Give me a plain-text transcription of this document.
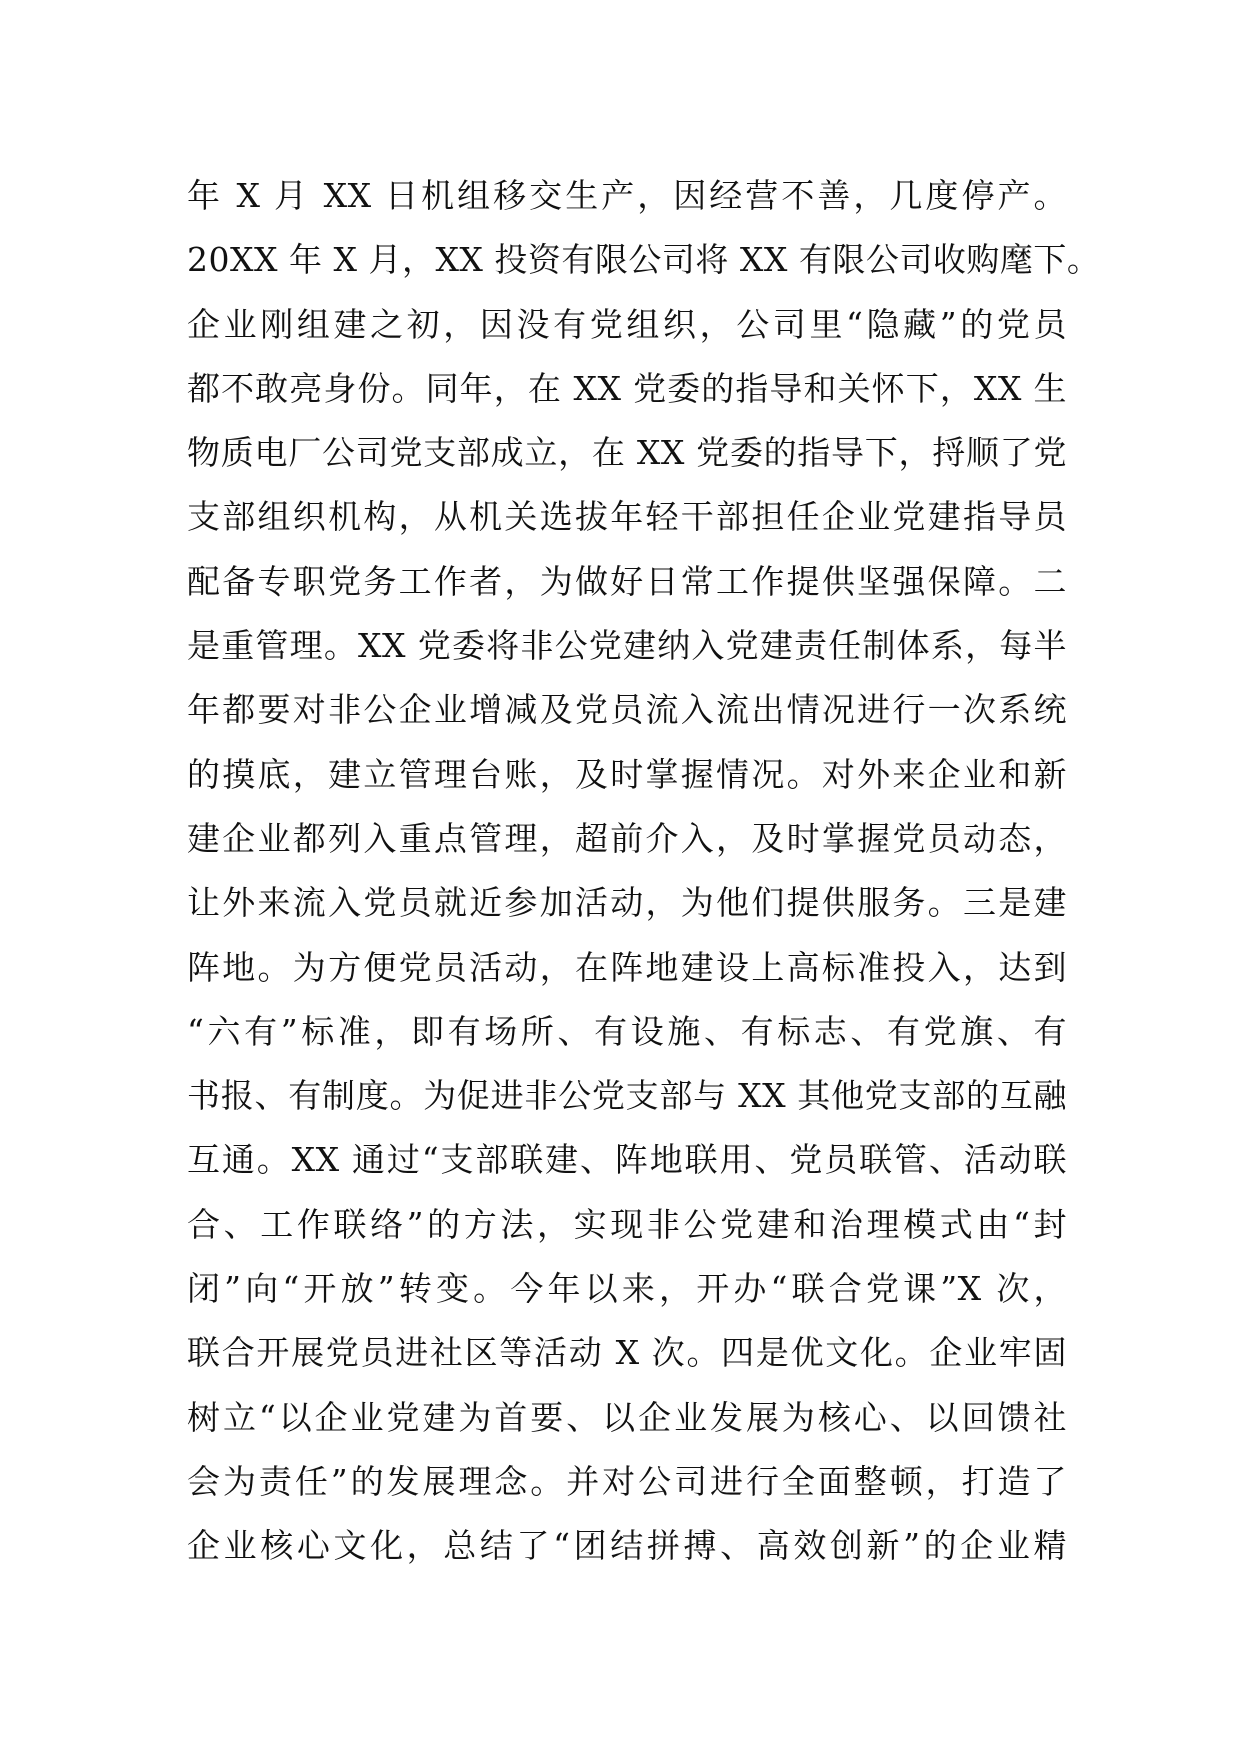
年 X 月 XX 日机组移交生产，因经营不善，几度停产。
20XX 年 X 月，XX 投资有限公司将 XX 有限公司收购麾下。
企业刚组建之初，因没有党组织，公司里“隐藏”的党员
都不敢亮身份。同年，在 XX 党委的指导和关怀下，XX 生
物质电厂公司党支部成立，在 XX 党委的指导下，捋顺了党
支部组织机构，从机关选拔年轻干部担任企业党建指导员
配备专职党务工作者，为做好日常工作提供坚强保障。二
是重管理。XX 党委将非公党建纳入党建责任制体系，每半
年都要对非公企业增减及党员流入流出情况进行一次系统
的摸底，建立管理台账，及时掌握情况。对外来企业和新
建企业都列入重点管理，超前介入，及时掌握党员动态，
让外来流入党员就近参加活动，为他们提供服务。三是建
阵地。为方便党员活动，在阵地建设上高标准投入，达到
“六有”标准，即有场所、有设施、有标志、有党旗、有
书报、有制度。为促进非公党支部与 XX 其他党支部的互融
互通。XX 通过“支部联建、阵地联用、党员联管、活动联
合、工作联络”的方法，实现非公党建和治理模式由“封
闭”向“开放”转变。今年以来，开办“联合党课”X 次，
联合开展党员进社区等活动 X 次。四是优文化。企业牢固
树立“以企业党建为首要、以企业发展为核心、以回馈社
会为责任”的发展理念。并对公司进行全面整顿，打造了
企业核心文化，总结了“团结拼搏、高效创新”的企业精
